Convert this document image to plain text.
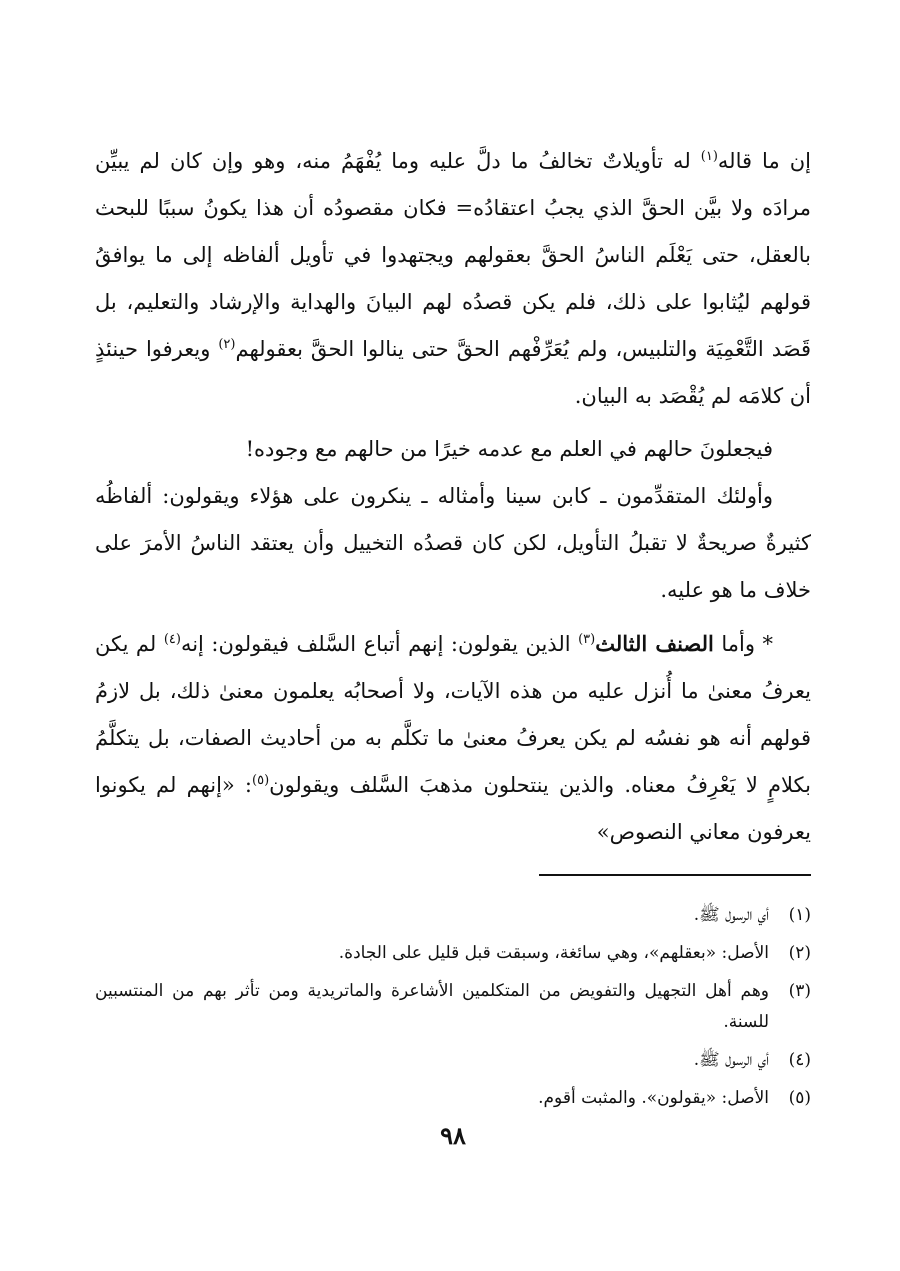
إن ما قاله$^{(١)}$ له تأويلاتٌ تخالفُ ما دلَّ عليه وما يُفْهَمُ منه، وهو وإن كان لم يبيِّن مرادَه ولا بيَّن الحقَّ الذي يجبُ اعتقادُه= فكان مقصودُه أن هذا يكونُ سببًا للبحث بالعقل، حتى يَعْلَم الناسُ الحقَّ بعقولهم ويجتهدوا في تأويل ألفاظه إلى ما يوافقُ قولهم ليُثابوا على ذلك، فلم يكن قصدُه لهم البيانَ والهداية والإرشاد والتعليم، بل قَصَد التَّعْمِيَة والتلبيس، ولم يُعَرِّفْهم الحقَّ حتى ينالوا الحقَّ بعقولهم$^{(٢)}$ ويعرفوا حينئذٍ أن كلامَه لم يُقْصَد به البيان.

فيجعلونَ حالهم في العلم مع عدمه خيرًا من حالهم مع وجوده!

وأولئك المتقدِّمون ـ كابن سينا وأمثاله ـ ينكرون على هؤلاء ويقولون: ألفاظُه كثيرةٌ صريحةٌ لا تقبلُ التأويل، لكن كان قصدُه التخييل وأن يعتقد الناسُ الأمرَ على خلاف ما هو عليه.

* وأما الصنف الثالث$^{(٣)}$ الذين يقولون: إنهم أتباع السَّلف فيقولون: إنه$^{(٤)}$ لم يكن يعرفُ معنىٰ ما أُنزل عليه من هذه الآيات، ولا أصحابُه يعلمون معنىٰ ذلك، بل لازمُ قولهم أنه هو نفسُه لم يكن يعرفُ معنىٰ ما تكلَّم به من أحاديث الصفات، بل يتكلَّمُ بكلامٍ لا يَعْرِفُ معناه. والذين ينتحلون مذهبَ السَّلف ويقولون$^{(٥)}$: «إنهم لم يكونوا يعرفون معاني النصوص»

(١)
أي الرسول ﷺ.
(٢)
الأصل: «بعقلهم»، وهي سائغة، وسبقت قبل قليل على الجادة.
(٣)
وهم أهل التجهيل والتفويض من المتكلمين الأشاعرة والماتريدية ومن تأثر بهم من المنتسبين للسنة.
(٤)
أي الرسول ﷺ.
(٥)
الأصل: «يقولون». والمثبت أقوم.
٩٨
